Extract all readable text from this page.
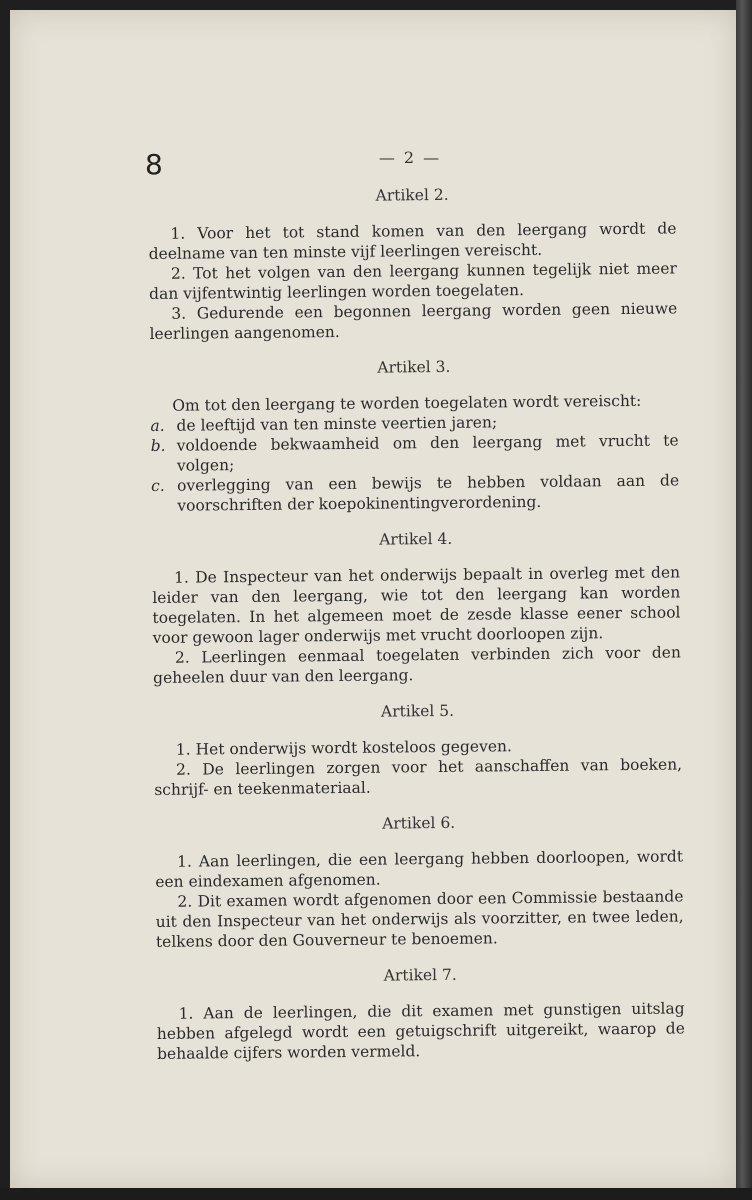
8	— 2 —

Artikel 2.

1. Voor het tot stand komen van den leergang wordt de deelname van ten minste vijf leerlingen vereischt.

2. Tot het volgen van den leergang kunnen tegelijk niet meer dan vijfentwintig leerlingen worden toegelaten.

3. Gedurende een begonnen leergang worden geen nieuwe leerlingen aangenomen.

Artikel 3.

Om tot den leergang te worden toegelaten wordt vereischt:

a. de leeftijd van ten minste veertien jaren;
b. voldoende bekwaamheid om den leergang met vrucht te volgen;
c. overlegging van een bewijs te hebben voldaan aan de voorschriften der koepokinentingverordening.

Artikel 4.

1. De Inspecteur van het onderwijs bepaalt in overleg met den leider van den leergang, wie tot den leergang kan worden toegelaten. In het algemeen moet de zesde klasse eener school voor gewoon lager onderwijs met vrucht doorloopen zijn.

2. Leerlingen eenmaal toegelaten verbinden zich voor den geheelen duur van den leergang.

Artikel 5.

1. Het onderwijs wordt kosteloos gegeven.

2. De leerlingen zorgen voor het aanschaffen van boeken, schrijf- en teekenmateriaal.

Artikel 6.

1. Aan leerlingen, die een leergang hebben doorloopen, wordt een eindexamen afgenomen.

2. Dit examen wordt afgenomen door een Commissie bestaande uit den Inspecteur van het onderwijs als voorzitter, en twee leden, telkens door den Gouverneur te benoemen.

Artikel 7.

1. Aan de leerlingen, die dit examen met gunstigen uitslag hebben afgelegd wordt een getuigschrift uitgereikt, waarop de behaalde cijfers worden vermeld.
